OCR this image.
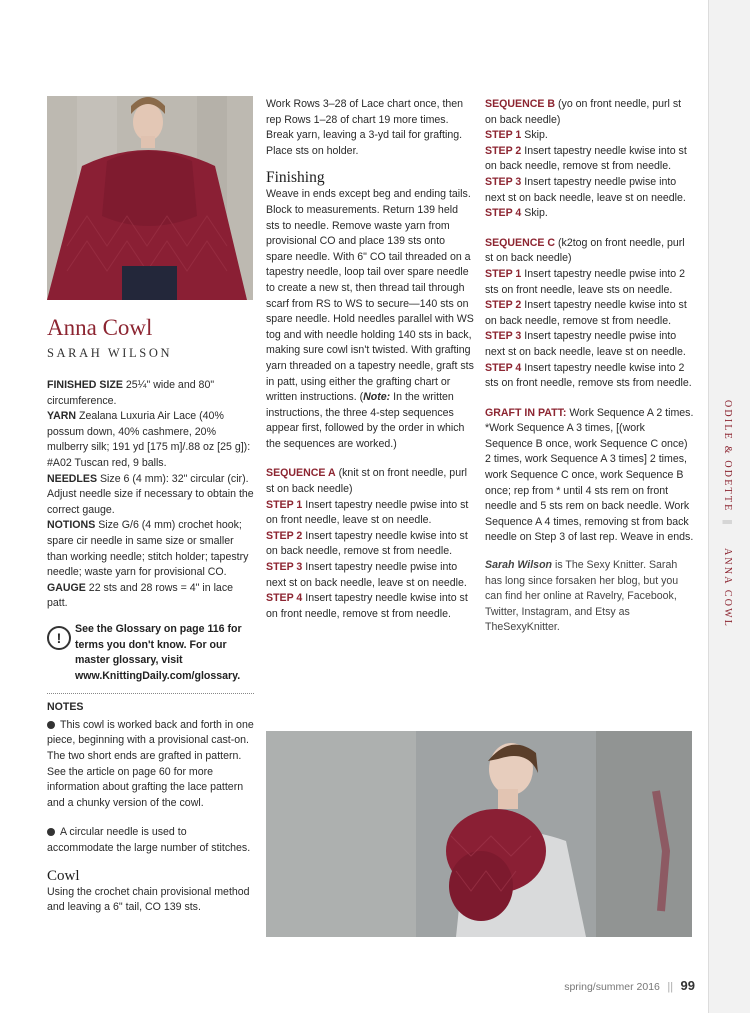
ODILE & ODETTE
||
ANNA COWL
Anna Cowl
SARAH WILSON

FINISHED SIZE 25¼" wide and 80" circumference.

YARN Zealana Luxuria Air Lace (40% possum down, 40% cashmere, 20% mulberry silk; 191 yd [175 m]/.88 oz [25 g]): #A02 Tuscan red, 9 balls.

NEEDLES Size 6 (4 mm): 32" circular (cir). Adjust needle size if necessary to obtain the correct gauge.

NOTIONS Size G/6 (4 mm) crochet hook; spare cir needle in same size or smaller than working needle; stitch holder; tapestry needle; waste yarn for provisional CO.

GAUGE 22 sts and 28 rows = 4" in lace patt.

!

See the Glossary on page 116 for terms you don't know. For our master glossary, visit www.KnittingDaily.com/glossary.

NOTES

This cowl is worked back and forth in one piece, beginning with a provisional cast-on. The two short ends are grafted in pattern. See the article on page 60 for more information about grafting the lace pattern and a chunky version of the cowl.

A circular needle is used to accommodate the large number of stitches.

Cowl

Using the crochet chain provisional method and leaving a 6" tail, CO 139 sts.

Work Rows 3–28 of Lace chart once, then rep Rows 1–28 of chart 19 more times. Break yarn, leaving a 3-yd tail for grafting. Place sts on holder.

Finishing

Weave in ends except beg and ending tails. Block to measurements. Return 139 held sts to needle. Remove waste yarn from provisional CO and place 139 sts onto spare needle. With 6" CO tail threaded on a tapestry needle, loop tail over spare needle to create a new st, then thread tail through scarf from RS to WS to secure—140 sts on spare needle. Hold needles parallel with WS tog and with needle holding 140 sts in back, making sure cowl isn't twisted. With grafting yarn threaded on a tapestry needle, graft sts in patt, using either the grafting chart or written instructions. (Note: In the written instructions, the three 4-step sequences appear first, followed by the order in which the sequences are worked.)

SEQUENCE A (knit st on front needle, purl st on back needle)

STEP 1 Insert tapestry needle pwise into st on front needle, leave st on needle.

STEP 2 Insert tapestry needle kwise into st on back needle, remove st from needle.

STEP 3 Insert tapestry needle pwise into next st on back needle, leave st on needle.

STEP 4 Insert tapestry needle kwise into st on front needle, remove st from needle.

SEQUENCE B (yo on front needle, purl st on back needle)

STEP 1 Skip.

STEP 2 Insert tapestry needle kwise into st on back needle, remove st from needle.

STEP 3 Insert tapestry needle pwise into next st on back needle, leave st on needle.

STEP 4 Skip.

SEQUENCE C (k2tog on front needle, purl st on back needle)

STEP 1 Insert tapestry needle pwise into 2 sts on front needle, leave sts on needle.

STEP 2 Insert tapestry needle kwise into st on back needle, remove st from needle.

STEP 3 Insert tapestry needle pwise into next st on back needle, leave st on needle.

STEP 4 Insert tapestry needle kwise into 2 sts on front needle, remove sts from needle.

GRAFT IN PATT: Work Sequence A 2 times. *Work Sequence A 3 times, [(work Sequence B once, work Sequence C once) 2 times, work Sequence A 3 times] 2 times, work Sequence C once, work Sequence B once; rep from * until 4 sts rem on front needle and 5 sts rem on back needle. Work Sequence A 4 times, removing st from back needle on Step 3 of last rep. Weave in ends.

Sarah Wilson is The Sexy Knitter. Sarah has long since forsaken her blog, but you can find her online at Ravelry, Facebook, Twitter, Instagram, and Etsy as TheSexyKnitter.

spring/summer 2016 || 99
